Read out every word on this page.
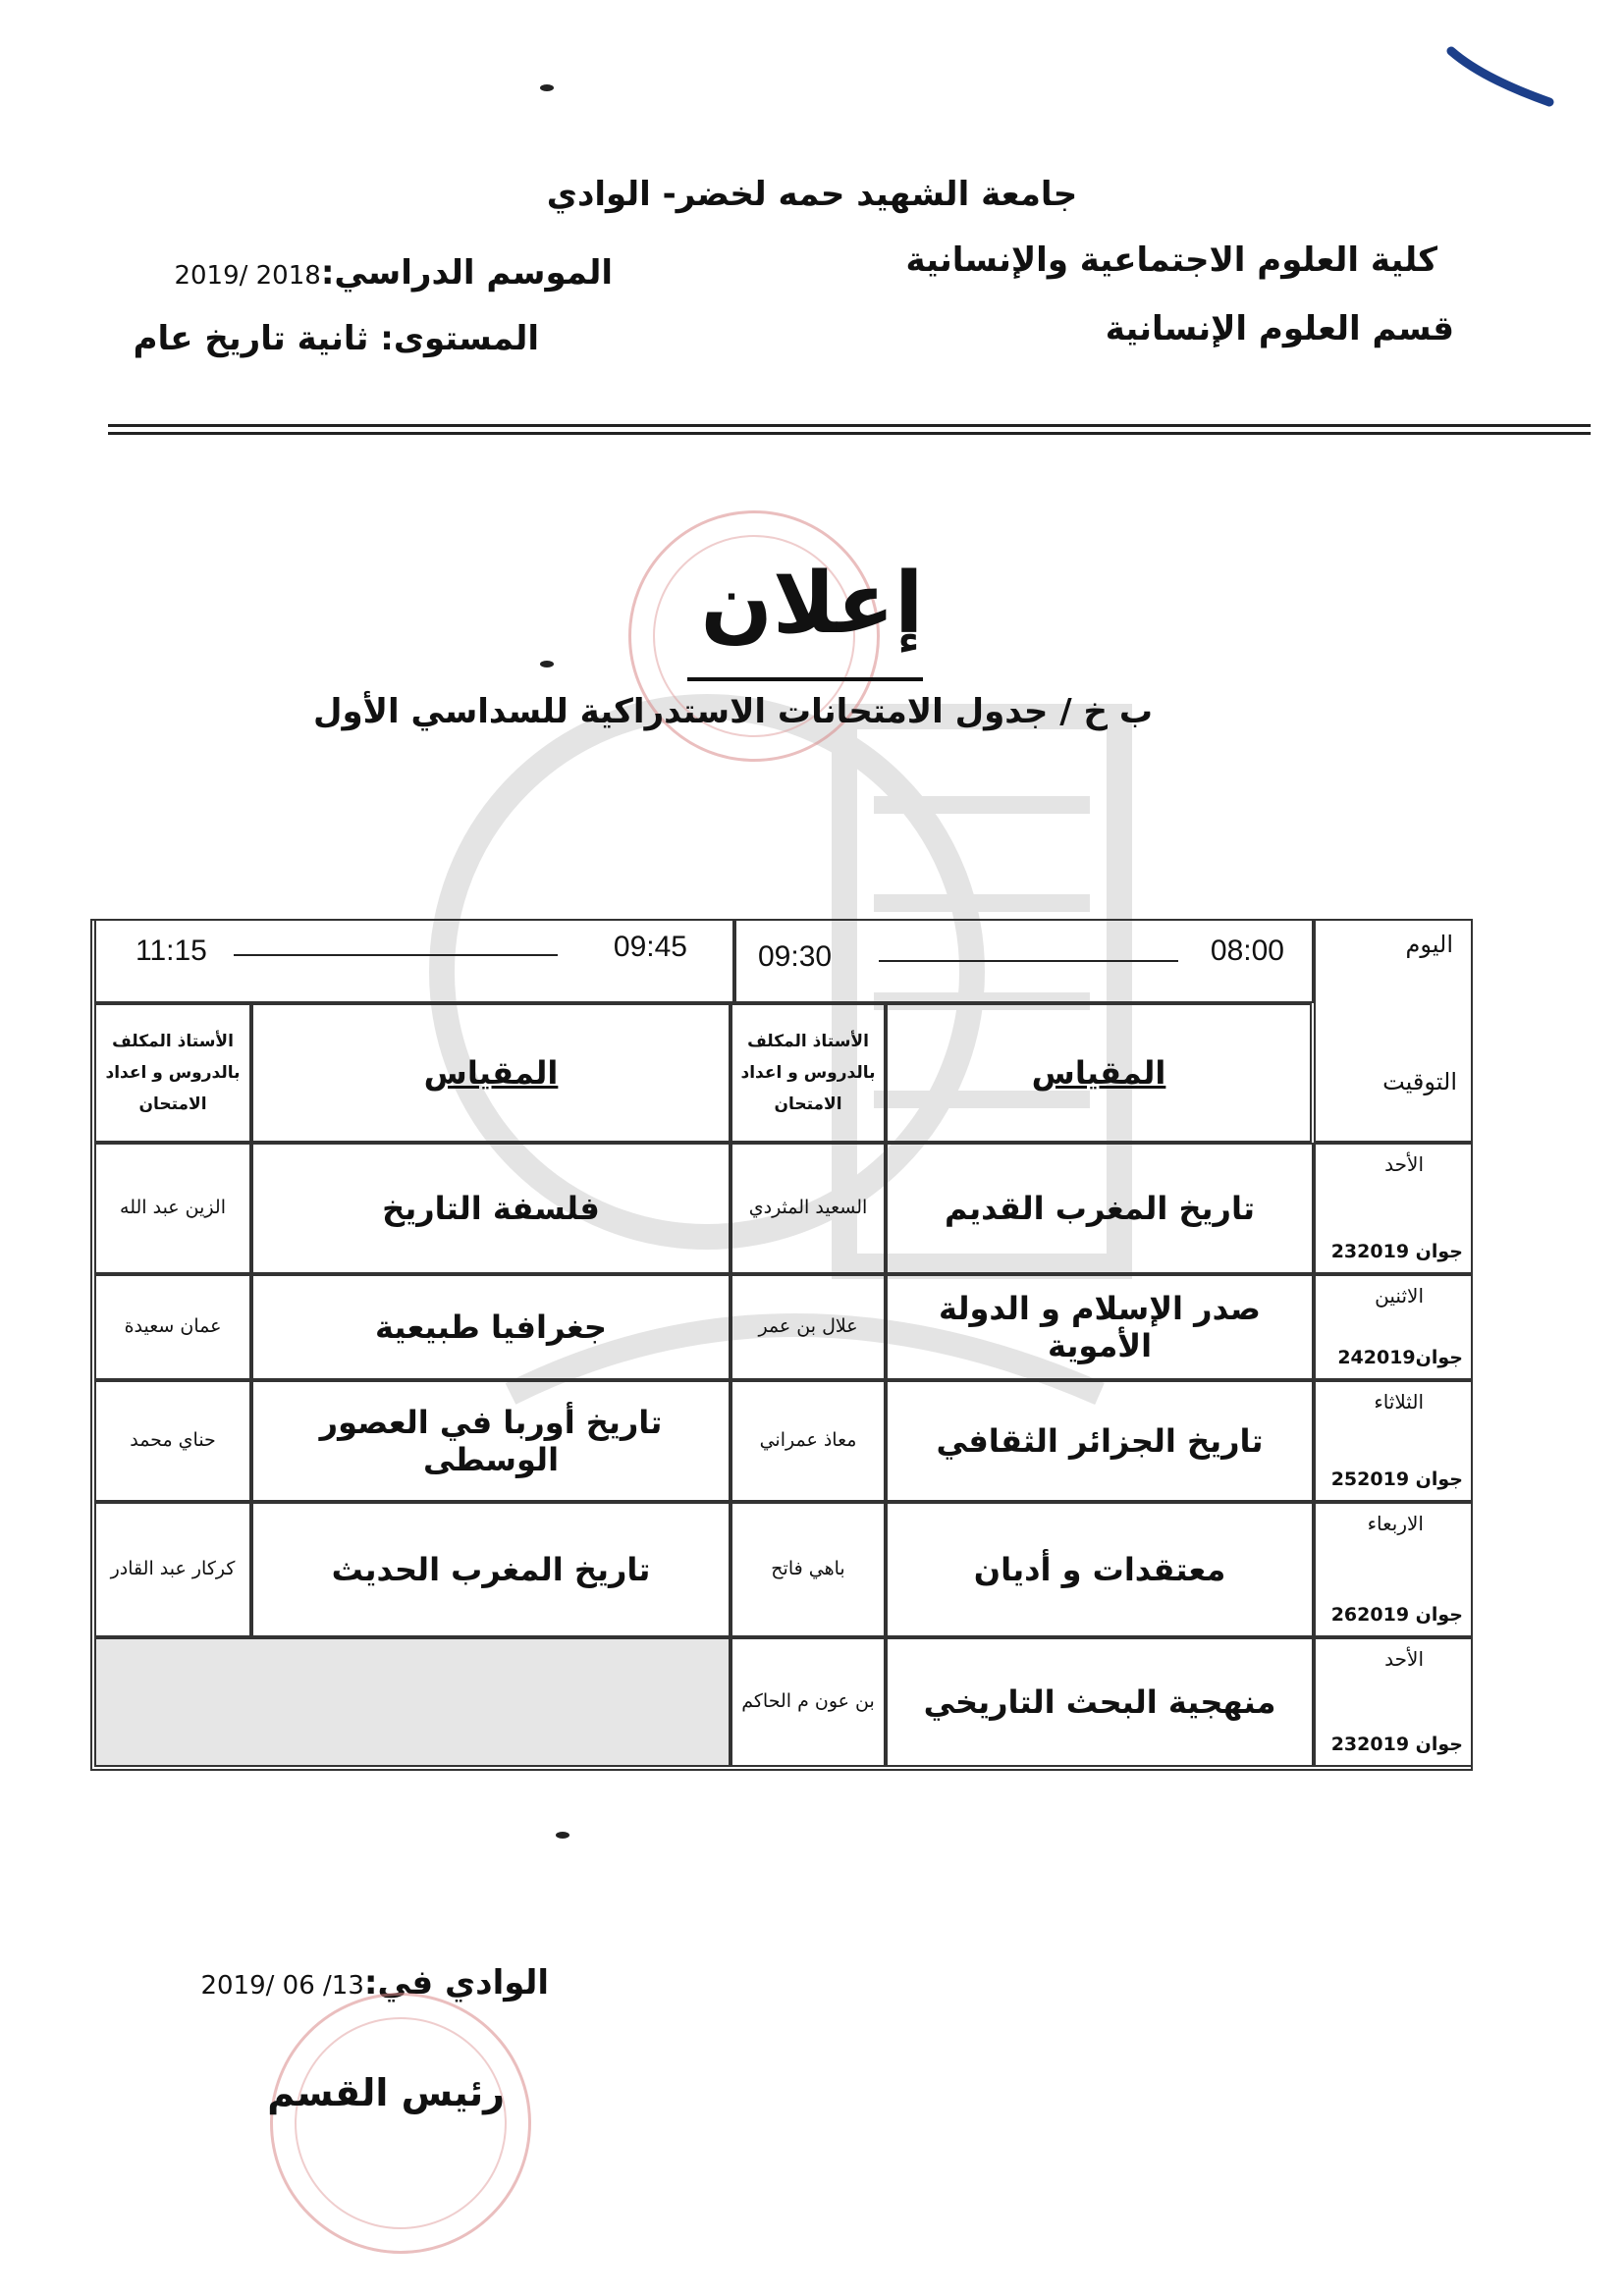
جامعة الشهيد حمه لخضر- الوادي
كلية العلوم الاجتماعية والإنسانية
قسم العلوم الإنسانية
الموسم الدراسي:2018 /2019
المستوى: ثانية تاريخ عام
إعلان
ب خ / جدول الامتحانات الاستدراكية للسداسي الأول
اليوم
التوقيت
09:30	08:00
11:15	09:45
المقياس
الأستاذ المكلف بالدروس و اعداد الامتحان
المقياس
الأستاذ المكلف بالدروس و اعداد الامتحان
الأحد
23جوان 2019
تاريخ المغرب القديم
السعيد المثردي
فلسفة التاريخ
الزين عبد الله
الاثنين
24جوان2019
صدر الإسلام و الدولة الأموية
علال بن عمر
جغرافيا طبيعية
عمان سعيدة
الثلاثاء
25جوان 2019
تاريخ الجزائر الثقافي
معاذ عمراني
تاريخ أوربا في العصور الوسطى
حناي محمد
الاربعاء
26جوان 2019
معتقدات و أديان
باهي فاتح
تاريخ المغرب الحديث
كركار عبد القادر
الأحد
23جوان 2019
منهجية البحث التاريخي
بن عون م الحاكم
الوادي في:13/ 06 /2019
رئيس القسم
